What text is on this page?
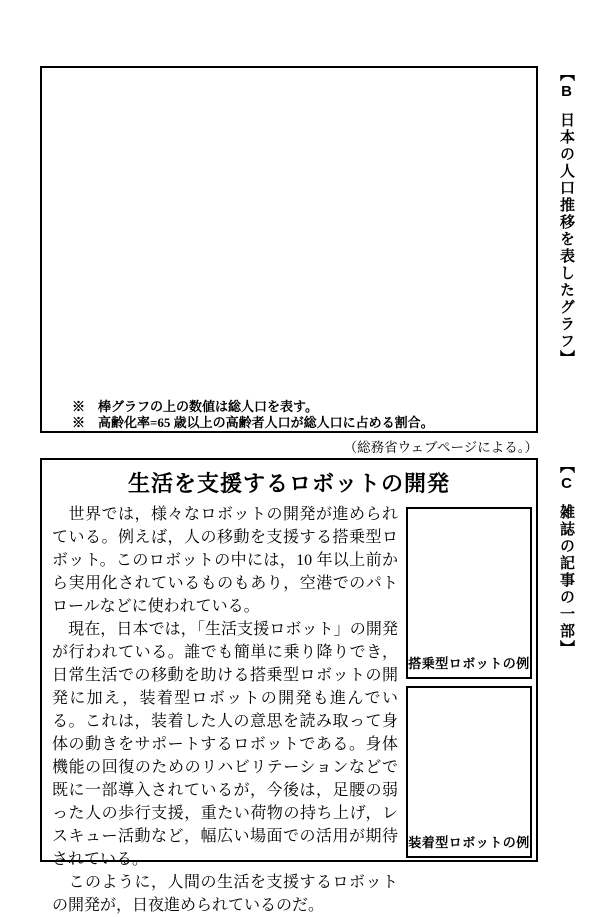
※　棒グラフの上の数値は総人口を表す。
※　高齢化率=65 歳以上の高齢者人口が総人口に占める割合。
【B日本の人口推移を表したグラフ】
（総務省ウェブページによる。）
生活を支援するロボットの開発

　世界では，様々なロボットの開発が進められている。例えば，人の移動を支援する搭乗型ロボット。このロボットの中には，10 年以上前から実用化されているものもあり，空港でのパトロールなどに使われている。

　現在，日本では，「生活支援ロボット」の開発が行われている。誰でも簡単に乗り降りでき，日常生活での移動を助ける搭乗型ロボットの開発に加え，装着型ロボットの開発も進んでいる。これは，装着した人の意思を読み取って身体の動きをサポートするロボットである。身体機能の回復のためのリハビリテーションなどで既に一部導入されているが，今後は，足腰の弱った人の歩行支援，重たい荷物の持ち上げ，レスキュー活動など，幅広い場面での活用が期待されている。

　このように，人間の生活を支援するロボットの開発が，日夜進められているのだ。

搭乗型ロボットの例
装着型ロボットの例
【C雑誌の記事の一部】
